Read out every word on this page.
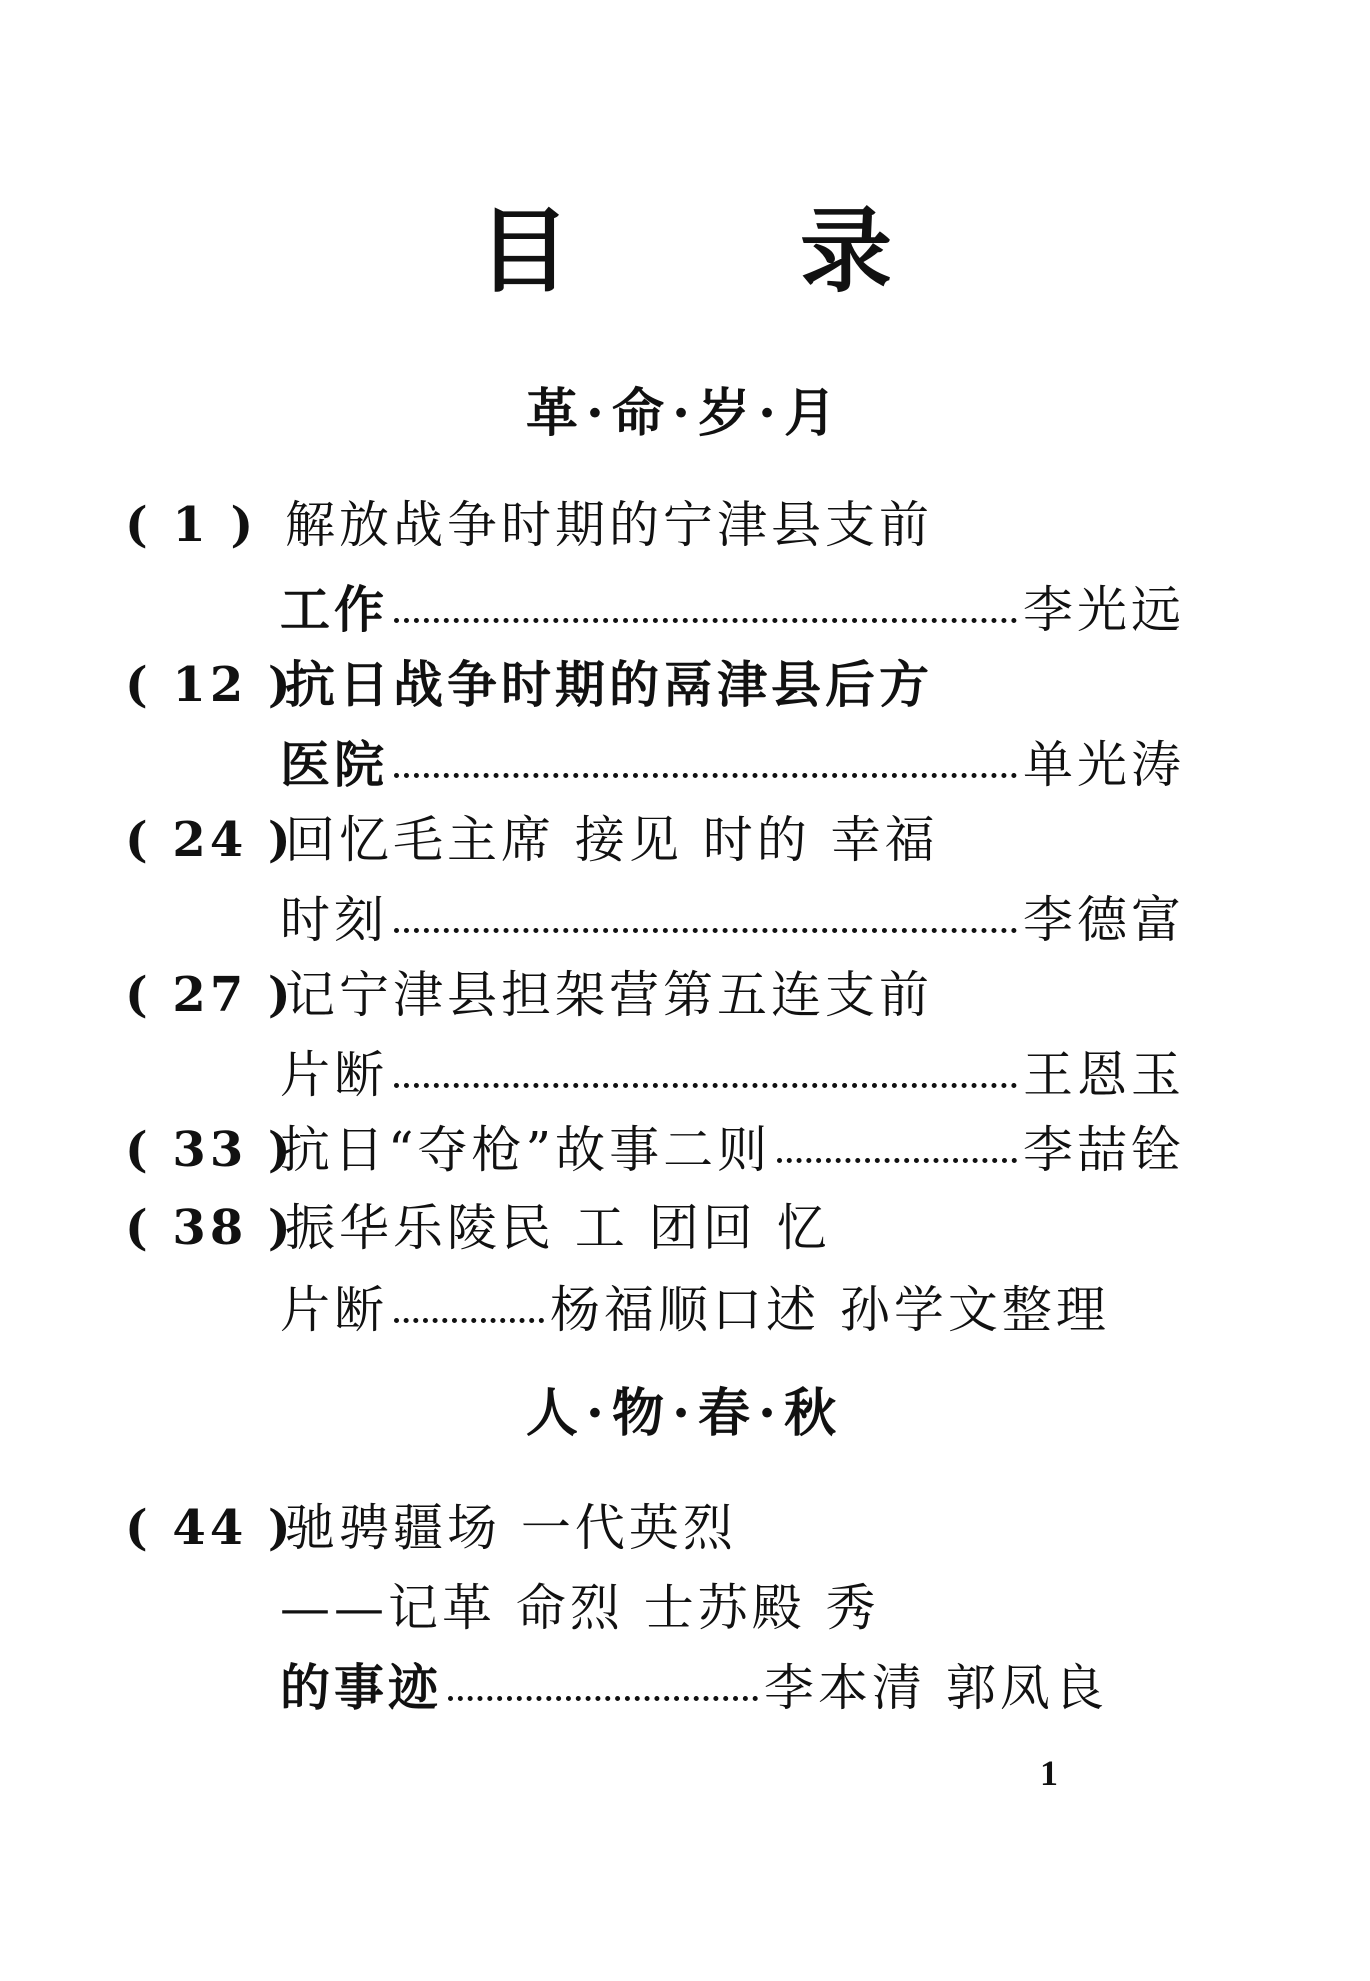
目录
革·命·岁·月
( 1 ) 解放战争时期的宁津县支前
工作	李光远
( 12 )
抗日战争时期的鬲津县后方
医院	单光涛
( 24 )
回忆毛主席 接见 时的 幸福
时刻	李德富
( 27 )
记宁津县担架营第五连支前
片断	王恩玉
( 33 )
抗日“夺枪”故事二则	李喆铨
( 38 )
振华乐陵民 工 团回 忆
片断	杨福顺口述 孙学文整理
人·物·春·秋
( 44 )
驰骋疆场 一代英烈
——记革 命烈 士苏殿 秀
的事迹	李本清 郭凤良
1
